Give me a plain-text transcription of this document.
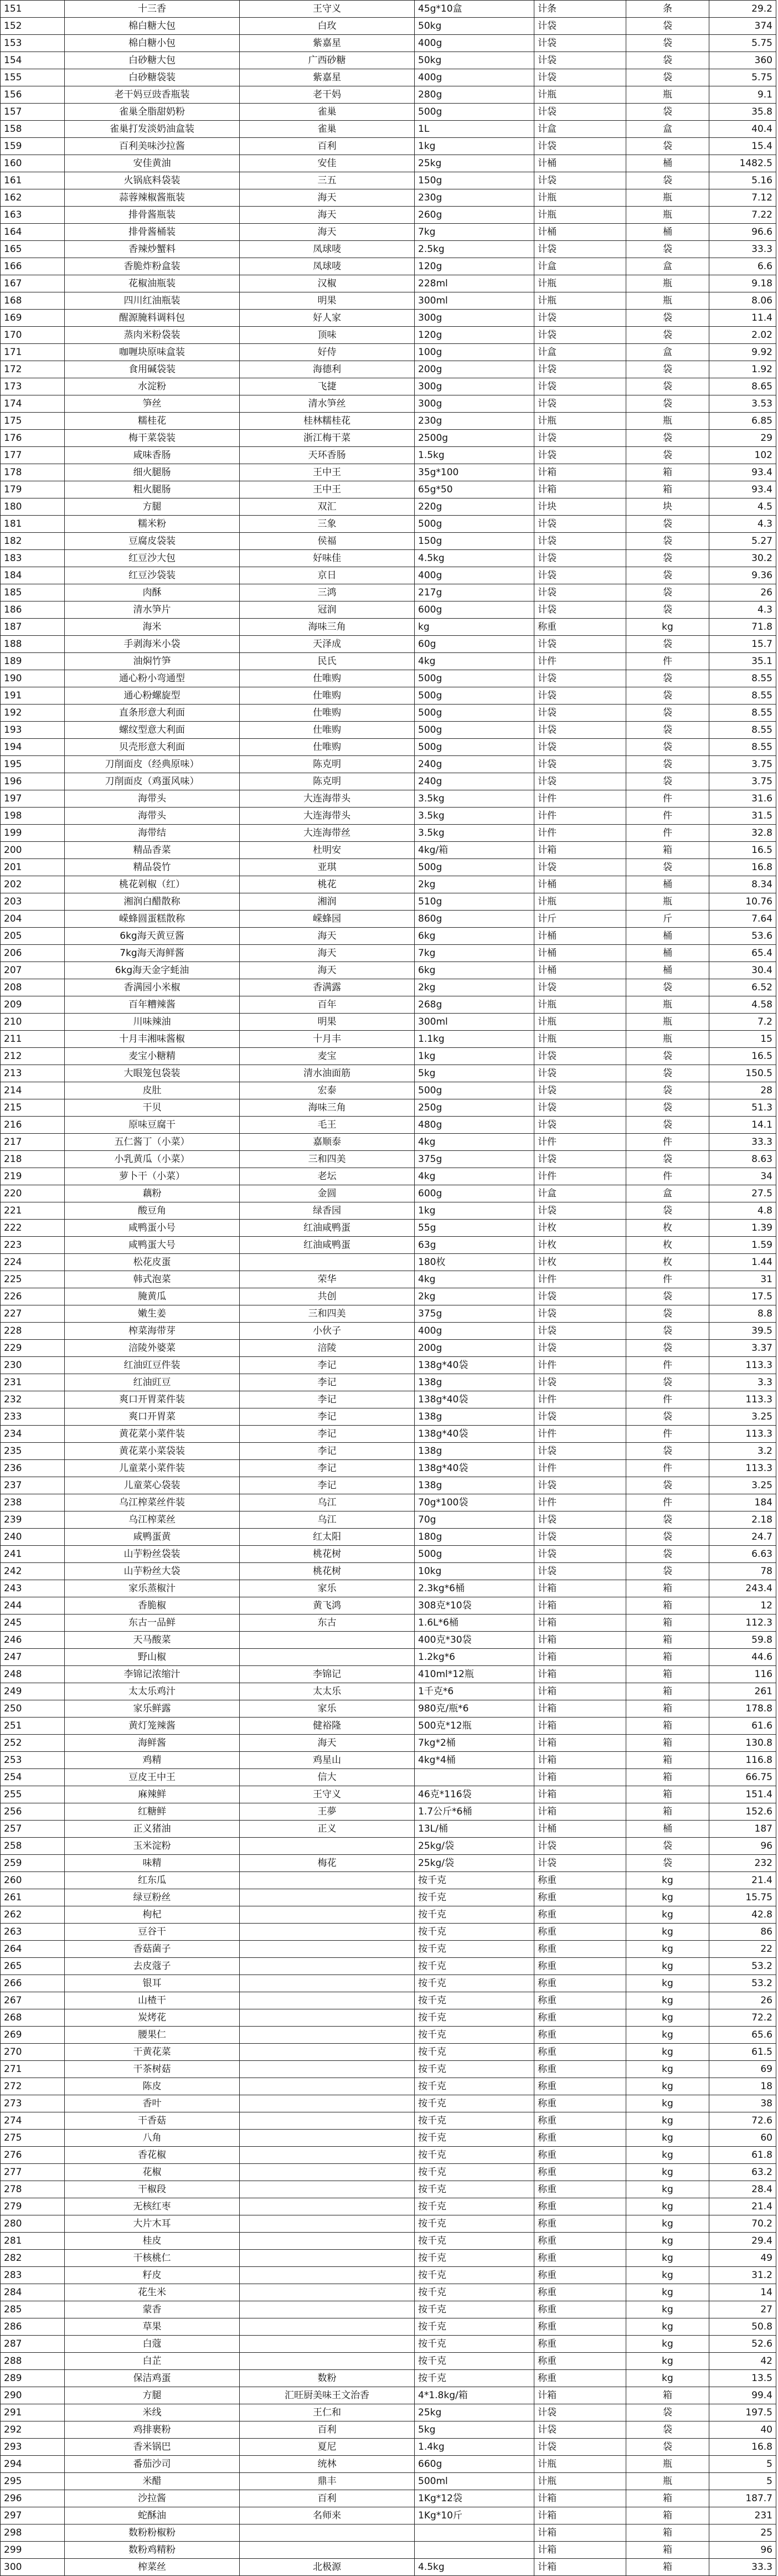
151	十三香	王守义	45g*10盒	计条	条	29.2
152	棉白糖大包	白玫	50kg	计袋	袋	374
153	棉白糖小包	紫嘉星	400g	计袋	袋	5.75
154	白砂糖大包	广西砂糖	50kg	计袋	袋	360
155	白砂糖袋装	紫嘉星	400g	计袋	袋	5.75
156	老干妈豆豉香瓶装	老干妈	280g	计瓶	瓶	9.1
157	雀巢全脂甜奶粉	雀巢	500g	计袋	袋	35.8
158	雀巢打发淡奶油盒装	雀巢	1L	计盒	盒	40.4
159	百利美味沙拉酱	百利	1kg	计袋	袋	15.4
160	安佳黄油	安佳	25kg	计桶	桶	1482.5
161	火锅底料袋装	三五	150g	计袋	袋	5.16
162	蒜蓉辣椒酱瓶装	海天	230g	计瓶	瓶	7.12
163	排骨酱瓶装	海天	260g	计瓶	瓶	7.22
164	排骨酱桶装	海天	7kg	计桶	桶	96.6
165	香辣炒蟹料	凤球唛	2.5kg	计袋	袋	33.3
166	香脆炸粉盒装	凤球唛	120g	计盒	盒	6.6
167	花椒油瓶装	汉椒	228ml	计瓶	瓶	9.18
168	四川红油瓶装	明果	300ml	计瓶	瓶	8.06
169	醒源腌料调料包	好人家	300g	计袋	袋	11.4
170	蒸肉米粉袋装	顶味	120g	计袋	袋	2.02
171	咖喱块原味盒装	好侍	100g	计盒	盒	9.92
172	食用碱袋装	海德利	200g	计袋	袋	1.92
173	水淀粉	飞捷	300g	计袋	袋	8.65
174	笋丝	清水笋丝	300g	计袋	袋	3.53
175	糯桂花	桂林糯桂花	230g	计瓶	瓶	6.85
176	梅干菜袋装	浙江梅干菜	2500g	计袋	袋	29
177	咸味香肠	天环香肠	1.5kg	计袋	袋	102
178	细火腿肠	王中王	35g*100	计箱	箱	93.4
179	粗火腿肠	王中王	65g*50	计箱	箱	93.4
180	方腿	双汇	220g	计块	块	4.5
181	糯米粉	三象	500g	计袋	袋	4.3
182	豆腐皮袋装	侯福	150g	计袋	袋	5.27
183	红豆沙大包	好味佳	4.5kg	计袋	袋	30.2
184	红豆沙袋装	京日	400g	计袋	袋	9.36
185	肉酥	三鸿	217g	计袋	袋	26
186	清水笋片	冠润	600g	计袋	袋	4.3
187	海米	海味三角	kg	称重	kg	71.8
188	手剥海米小袋	天泽成	60g	计袋	袋	15.7
189	油焖竹笋	民氏	4kg	计件	件	35.1
190	通心粉小弯通型	仕唯购	500g	计袋	袋	8.55
191	通心粉螺旋型	仕唯购	500g	计袋	袋	8.55
192	直条形意大利面	仕唯购	500g	计袋	袋	8.55
193	螺纹型意大利面	仕唯购	500g	计袋	袋	8.55
194	贝壳形意大利面	仕唯购	500g	计袋	袋	8.55
195	刀削面皮（经典原味）	陈克明	240g	计袋	袋	3.75
196	刀削面皮（鸡蛋风味）	陈克明	240g	计袋	袋	3.75
197	海带头	大连海带头	3.5kg	计件	件	31.6
198	海带头	大连海带头	3.5kg	计件	件	31.5
199	海带结	大连海带丝	3.5kg	计件	件	32.8
200	精品香菜	杜明安	4kg/箱	计箱	箱	16.5
201	精品袋竹	亚琪	500g	计袋	袋	16.8
202	桃花剁椒（红）	桃花	2kg	计桶	桶	8.34
203	湘润白醋散称	湘润	510g	计瓶	瓶	10.76
204	嵘蜂圆蛋糕散称	嵘蜂园	860g	计斤	斤	7.64
205	6kg海天黄豆酱	海天	6kg	计桶	桶	53.6
206	7kg海天海鲜酱	海天	7kg	计桶	桶	65.4
207	6kg海天金字蚝油	海天	6kg	计桶	桶	30.4
208	香满园小米椒	香满露	2kg	计袋	袋	6.52
209	百年糟辣酱	百年	268g	计瓶	瓶	4.58
210	川味辣油	明果	300ml	计瓶	瓶	7.2
211	十月丰湘味酱椒	十月丰	1.1kg	计瓶	瓶	15
212	麦宝小糖精	麦宝	1kg	计袋	袋	16.5
213	大眼笼包袋装	清水油面筋	5kg	计袋	袋	150.5
214	皮肚	宏泰	500g	计袋	袋	28
215	干贝	海味三角	250g	计袋	袋	51.3
216	原味豆腐干	毛王	480g	计袋	袋	14.1
217	五仁酱丁（小菜）	嘉顺泰	4kg	计件	件	33.3
218	小乳黄瓜（小菜）	三和四美	375g	计袋	袋	8.63
219	萝卜干（小菜）	老坛	4kg	计件	件	34
220	藕粉	金圆	600g	计盒	盒	27.5
221	酸豆角	绿香园	1kg	计袋	袋	4.8
222	咸鸭蛋小号	红油咸鸭蛋	55g	计枚	枚	1.39
223	咸鸭蛋大号	红油咸鸭蛋	63g	计枚	枚	1.59
224	松花皮蛋		180枚	计枚	枚	1.44
225	韩式泡菜	荣华	4kg	计件	件	31
226	腌黄瓜	共创	2kg	计袋	袋	17.5
227	嫩生姜	三和四美	375g	计袋	袋	8.8
228	榨菜海带芽	小伙子	400g	计袋	袋	39.5
229	涪陵外婆菜	涪陵	200g	计袋	袋	3.37
230	红油豇豆件装	李记	138g*40袋	计件	件	113.3
231	红油豇豆	李记	138g	计袋	袋	3.3
232	爽口开胃菜件装	李记	138g*40袋	计件	件	113.3
233	爽口开胃菜	李记	138g	计袋	袋	3.25
234	黄花菜小菜件装	李记	138g*40袋	计件	件	113.3
235	黄花菜小菜袋装	李记	138g	计袋	袋	3.2
236	儿童菜小菜件装	李记	138g*40袋	计件	件	113.3
237	儿童菜心袋装	李记	138g	计袋	袋	3.25
238	乌江榨菜丝件装	乌江	70g*100袋	计件	件	184
239	乌江榨菜丝	乌江	70g	计袋	袋	2.18
240	咸鸭蛋黄	红太阳	180g	计袋	袋	24.7
241	山芋粉丝袋装	桃花树	500g	计袋	袋	6.63
242	山芋粉丝大袋	桃花树	10kg	计袋	袋	78
243	家乐蒸椒汁	家乐	2.3kg*6桶	计箱	箱	243.4
244	香脆椒	黄飞鸿	308克*10袋	计箱	箱	12
245	东古一品鲜	东古	1.6L*6桶	计箱	箱	112.3
246	天马酸菜		400克*30袋	计箱	箱	59.8
247	野山椒		1.2kg*6	计箱	箱	44.6
248	李锦记浓缩汁	李锦记	410ml*12瓶	计箱	箱	116
249	太太乐鸡汁	太太乐	1千克*6	计箱	箱	261
250	家乐鲜露	家乐	980克/瓶*6	计箱	箱	178.8
251	黄灯笼辣酱	健裕隆	500克*12瓶	计箱	箱	61.6
252	海鲜酱	海天	7kg*2桶	计箱	箱	130.8
253	鸡精	鸡星山	4kg*4桶	计箱	箱	116.8
254	豆皮王中王	信大		计箱	箱	66.75
255	麻辣鲜	王守义	46克*116袋	计箱	箱	151.4
256	红糖鲜	王夢	1.7公斤*6桶	计箱	箱	152.6
257	正义猪油	正义	13L/桶	计桶	桶	187
258	玉米淀粉		25kg/袋	计袋	袋	96
259	味精	梅花	25kg/袋	计袋	袋	232
260	红东瓜		按千克	称重	kg	21.4
261	绿豆粉丝		按千克	称重	kg	15.75
262	枸杞		按千克	称重	kg	42.8
263	豆谷干		按千克	称重	kg	86
264	香菇菌子		按千克	称重	kg	22
265	去皮蔻子		按千克	称重	kg	53.2
266	银耳		按千克	称重	kg	53.2
267	山楂干		按千克	称重	kg	26
268	炭烤花		按千克	称重	kg	72.2
269	腰果仁		按千克	称重	kg	65.6
270	干黄花菜		按千克	称重	kg	61.5
271	干茶树菇		按千克	称重	kg	69
272	陈皮		按千克	称重	kg	18
273	香叶		按千克	称重	kg	38
274	干香菇		按千克	称重	kg	72.6
275	八角		按千克	称重	kg	60
276	香花椒		按千克	称重	kg	61.8
277	花椒		按千克	称重	kg	63.2
278	干椒段		按千克	称重	kg	28.4
279	无核红枣		按千克	称重	kg	21.4
280	大片木耳		按千克	称重	kg	70.2
281	桂皮		按千克	称重	kg	29.4
282	干核桃仁		按千克	称重	kg	49
283	籽皮		按千克	称重	kg	31.2
284	花生米		按千克	称重	kg	14
285	蒙香		按千克	称重	kg	27
286	草果		按千克	称重	kg	50.8
287	白蔻		按千克	称重	kg	52.6
288	白芷		按千克	称重	kg	42
289	保洁鸡蛋	数粉	按千克	称重	kg	13.5
290	方腿	汇旺厨美味王文治香	4*1.8kg/箱	计箱	箱	99.4
291	米线	王仁和	25kg	计袋	袋	197.5
292	鸡排裹粉	百利	5kg	计袋	袋	40
293	香米锅巴	夏尼	1.4kg	计袋	袋	16.8
294	番茄沙司	统林	660g	计瓶	瓶	5
295	米醋	鼎丰	500ml	计瓶	瓶	5
296	沙拉酱	百利	1Kg*12袋	计箱	箱	187.7
297	蛇酥油	名师来	1Kg*10斤	计箱	箱	231
298	数粉粉椒粉			计箱	箱	25
299	数粉鸡精粉			计箱	箱	96
300	榨菜丝	北极源	4.5kg	计箱	箱	33.3
